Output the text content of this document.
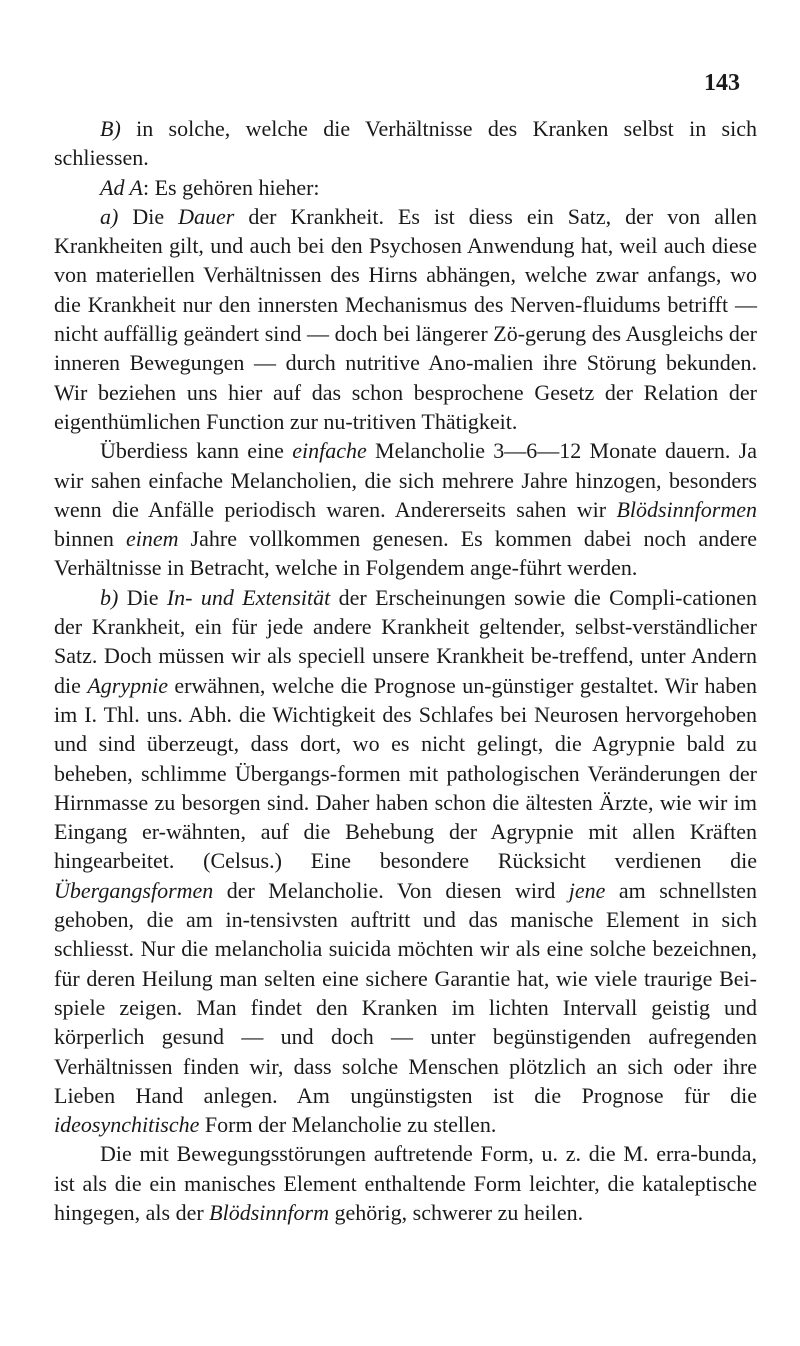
143

B) in solche, welche die Verhältnisse des Kranken selbst in sich schliessen.

Ad A: Es gehören hieher:

a) Die Dauer der Krankheit. Es ist diess ein Satz, der von allen Krankheiten gilt, und auch bei den Psychosen Anwendung hat, weil auch diese von materiellen Verhältnissen des Hirns abhängen, welche zwar anfangs, wo die Krankheit nur den innersten Mechanismus des Nerven-fluidums betrifft — nicht auffällig geändert sind — doch bei längerer Zö-gerung des Ausgleichs der inneren Bewegungen — durch nutritive Ano-malien ihre Störung bekunden. Wir beziehen uns hier auf das schon besprochene Gesetz der Relation der eigenthümlichen Function zur nu-tritiven Thätigkeit.

Überdiess kann eine einfache Melancholie 3—6—12 Monate dauern. Ja wir sahen einfache Melancholien, die sich mehrere Jahre hinzogen, besonders wenn die Anfälle periodisch waren. Andererseits sahen wir Blödsinnformen binnen einem Jahre vollkommen genesen. Es kommen dabei noch andere Verhältnisse in Betracht, welche in Folgendem ange-führt werden.

b) Die In- und Extensität der Erscheinungen sowie die Compli-cationen der Krankheit, ein für jede andere Krankheit geltender, selbst-verständlicher Satz. Doch müssen wir als speciell unsere Krankheit be-treffend, unter Andern die Agrypnie erwähnen, welche die Prognose un-günstiger gestaltet. Wir haben im I. Thl. uns. Abh. die Wichtigkeit des Schlafes bei Neurosen hervorgehoben und sind überzeugt, dass dort, wo es nicht gelingt, die Agrypnie bald zu beheben, schlimme Übergangs-formen mit pathologischen Veränderungen der Hirnmasse zu besorgen sind. Daher haben schon die ältesten Ärzte, wie wir im Eingang er-wähnten, auf die Behebung der Agrypnie mit allen Kräften hingearbeitet. (Celsus.) Eine besondere Rücksicht verdienen die Übergangsformen der Melancholie. Von diesen wird jene am schnellsten gehoben, die am in-tensivsten auftritt und das manische Element in sich schliesst. Nur die melancholia suicida möchten wir als eine solche bezeichnen, für deren Heilung man selten eine sichere Garantie hat, wie viele traurige Bei-spiele zeigen. Man findet den Kranken im lichten Intervall geistig und körperlich gesund — und doch — unter begünstigenden aufregenden Verhältnissen finden wir, dass solche Menschen plötzlich an sich oder ihre Lieben Hand anlegen. Am ungünstigsten ist die Prognose für die ideosynchitische Form der Melancholie zu stellen.

Die mit Bewegungsstörungen auftretende Form, u. z. die M. erra-bunda, ist als die ein manisches Element enthaltende Form leichter, die kataleptische hingegen, als der Blödsinnform gehörig, schwerer zu heilen.
